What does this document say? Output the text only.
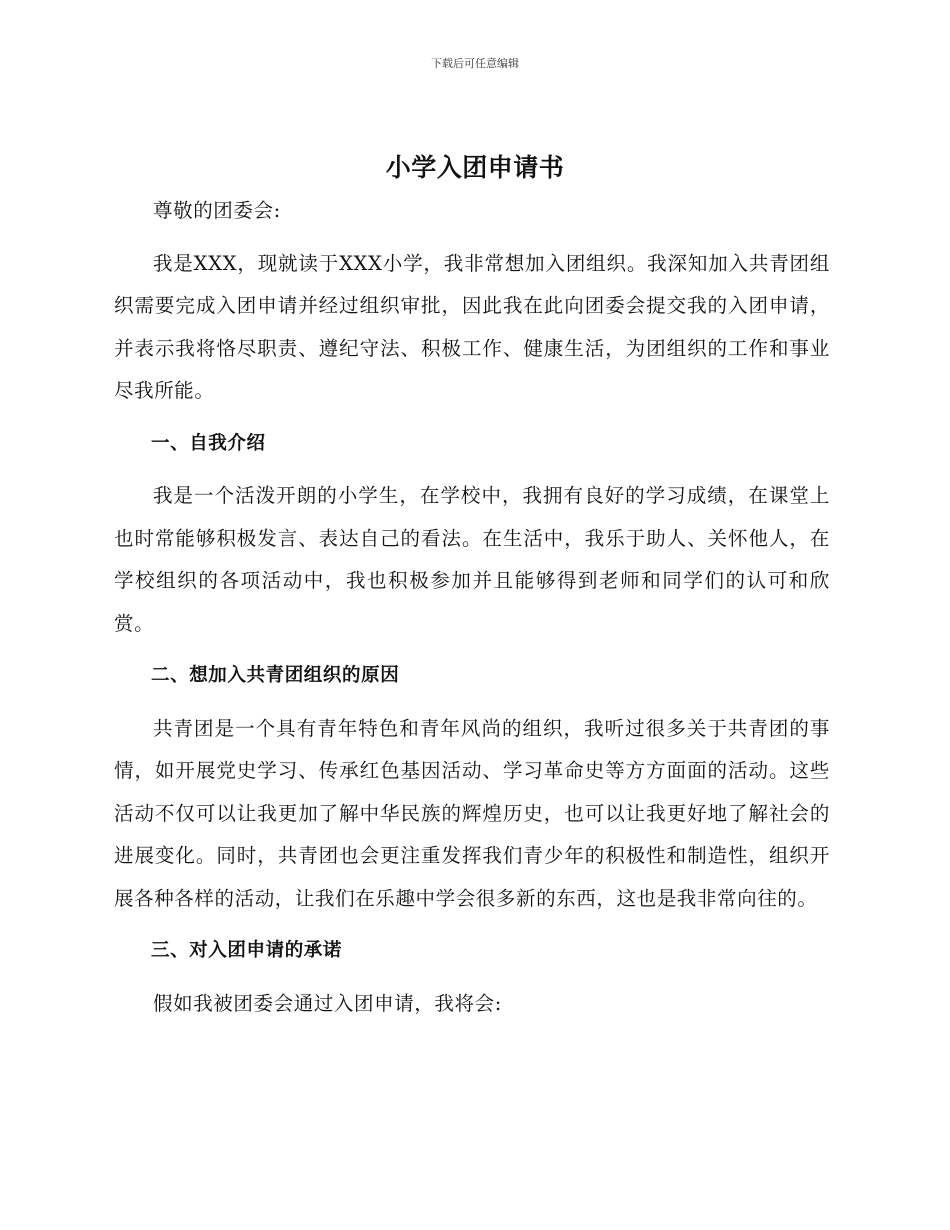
下载后可任意编辑
小学入团申请书

尊敬的团委会:

我是XXX，现就读于XXX小学，我非常想加入团组织。我深知加入共青团组织需要完成入团申请并经过组织审批，因此我在此向团委会提交我的入团申请，并表示我将恪尽职责、遵纪守法、积极工作、健康生活，为团组织的工作和事业尽我所能。

一、自我介绍

我是一个活泼开朗的小学生，在学校中，我拥有良好的学习成绩，在课堂上也时常能够积极发言、表达自己的看法。在生活中，我乐于助人、关怀他人，在学校组织的各项活动中，我也积极参加并且能够得到老师和同学们的认可和欣赏。

二、想加入共青团组织的原因

共青团是一个具有青年特色和青年风尚的组织，我听过很多关于共青团的事情，如开展党史学习、传承红色基因活动、学习革命史等方方面面的活动。这些活动不仅可以让我更加了解中华民族的辉煌历史，也可以让我更好地了解社会的进展变化。同时，共青团也会更注重发挥我们青少年的积极性和制造性，组织开展各种各样的活动，让我们在乐趣中学会很多新的东西，这也是我非常向往的。

三、对入团申请的承诺

假如我被团委会通过入团申请，我将会:
